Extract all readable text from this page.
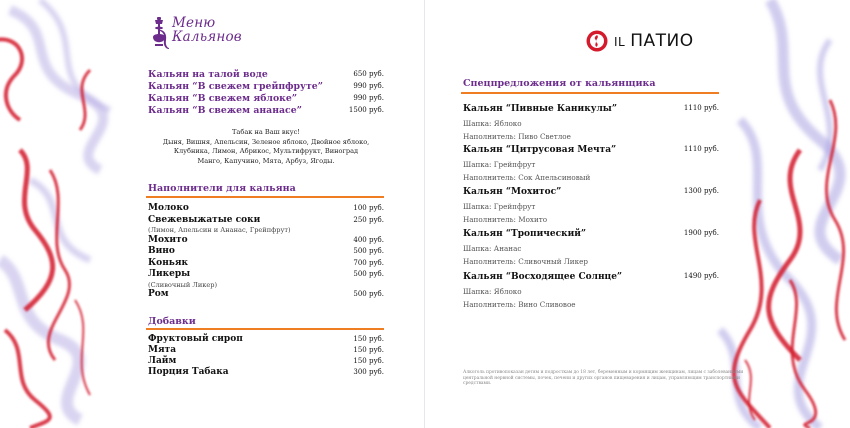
Меню
Кальянов	IL ПАТИО
Кальян на талой воде	650 руб.
Кальян “В свежем грейпфруте”	990 руб.
Кальян “В свежем яблоке”	990 руб.
Кальян “В свежем ананасе”	1500 руб.
Табак на Ваш вкус!
Дыня, Вишня, Апельсин, Зеленое яблоко, Двойное яблоко,
Клубника, Лимон, Абрикос, Мультифрукт, Виноград
Манго, Капучино, Мята, Арбуз, Ягоды.
Наполнители для кальяна
Молоко	100 руб.
Свежевыжатые соки	250 руб.
(Лимон, Апельсин и Ананас, Грейпфрут)
Мохито	400 руб.
Вино	500 руб.
Коньяк	700 руб.
Ликеры	500 руб.
(Сливочный Ликер)
Ром	500 руб.
Добавки
Фруктовый сироп	150 руб.
Мята	150 руб.
Лайм	150 руб.
Порция Табака	300 руб.
Спецпредложения от кальянщика
Кальян “Пивные Каникулы”	1110 руб.
Шапка: Яблоко
Наполнитель: Пиво Светлое
Кальян “Цитрусовая Мечта”	1110 руб.
Шапка: Грейпфрут
Наполнитель: Сок Апельсиновый
Кальян “Мохитос”	1300 руб.
Шапка: Грейпфрут
Наполнитель: Мохито
Кальян “Тропический”	1900 руб.
Шапка: Ананас
Наполнитель: Сливочный Ликер
Кальян “Восходящее Солнце”	1490 руб.
Шапка: Яблоко
Наполнитель: Вино Сливовое
Алкоголь противопоказан детям и подросткам до 18 лет, беременным и кормящим женщинам, лицам с заболеваниями центральной нервной системы, почек, печени и других органов пищеварения и лицам, управляющим транспортными средствами.
